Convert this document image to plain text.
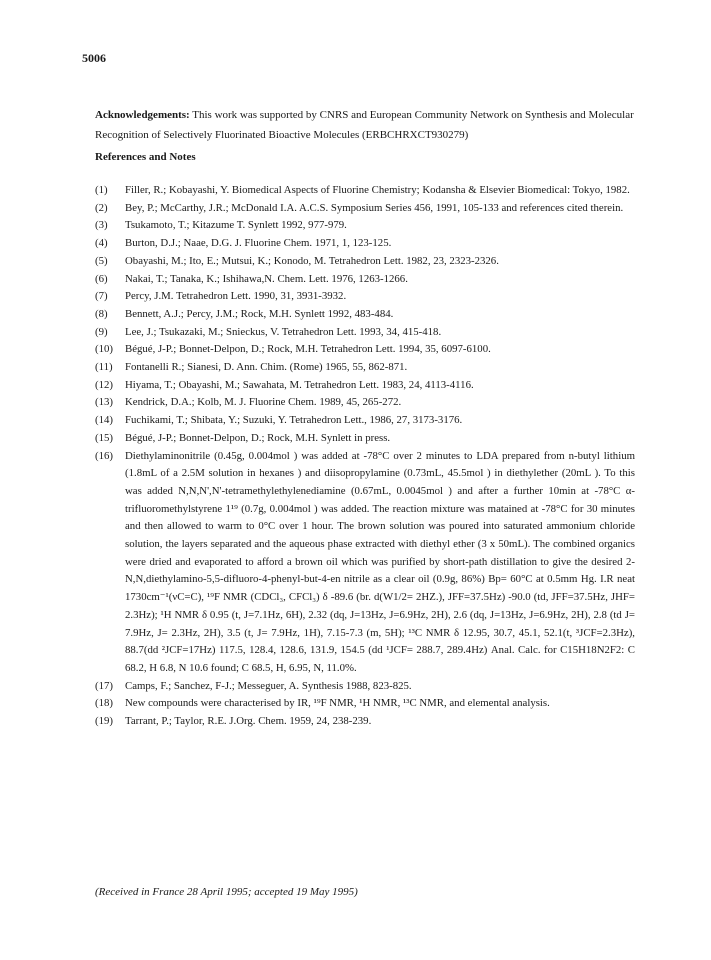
5006
Acknowledgements: This work was supported by CNRS and European Community Network on Synthesis and Molecular Recognition of Selectively Fluorinated Bioactive Molecules (ERBCHRXCT930279)
References and Notes
(1) Filler, R.; Kobayashi, Y. Biomedical Aspects of Fluorine Chemistry; Kodansha & Elsevier Biomedical: Tokyo, 1982.
(2) Bey, P.; McCarthy, J.R.; McDonald I.A. A.C.S. Symposium Series 456, 1991, 105-133 and references cited therein.
(3) Tsukamoto, T.; Kitazume T. Synlett 1992, 977-979.
(4) Burton, D.J.; Naae, D.G. J. Fluorine Chem. 1971, 1, 123-125.
(5) Obayashi, M.; Ito, E.; Mutsui, K.; Konodo, M. Tetrahedron Lett. 1982, 23, 2323-2326.
(6) Nakai, T.; Tanaka, K.; Ishihawa,N. Chem. Lett. 1976, 1263-1266.
(7) Percy, J.M. Tetrahedron Lett. 1990, 31, 3931-3932.
(8) Bennett, A.J.; Percy, J.M.; Rock, M.H. Synlett 1992, 483-484.
(9) Lee, J.; Tsukazaki, M.; Snieckus, V. Tetrahedron Lett. 1993, 34, 415-418.
(10) Bégué, J-P.; Bonnet-Delpon, D.; Rock, M.H. Tetrahedron Lett. 1994, 35, 6097-6100.
(11) Fontanelli R.; Sianesi, D. Ann. Chim. (Rome) 1965, 55, 862-871.
(12) Hiyama, T.; Obayashi, M.; Sawahata, M. Tetrahedron Lett. 1983, 24, 4113-4116.
(13) Kendrick, D.A.; Kolb, M. J. Fluorine Chem. 1989, 45, 265-272.
(14) Fuchikami, T.; Shibata, Y.; Suzuki, Y. Tetrahedron Lett., 1986, 27, 3173-3176.
(15) Bégué, J-P.; Bonnet-Delpon, D.; Rock, M.H. Synlett in press.
(16) Diethylaminonitrile (0.45g, 0.004mol ) was added at -78°C over 2 minutes to LDA prepared from n-butyl lithium (1.8mL of a 2.5M solution in hexanes ) and diisopropylamine (0.73mL, 45.5mol ) in diethylether (20mL ). To this was added N,N,N',N'-tetramethylethylenediamine (0.67mL, 0.0045mol ) and after a further 10min at -78°C α-trifluoromethylstyrene 1¹⁹ (0.7g, 0.004mol ) was added. The reaction mixture was matained at -78°C for 30 minutes and then allowed to warm to 0°C over 1 hour. The brown solution was poured into saturated ammonium chloride solution, the layers separated and the aqueous phase extracted with diethyl ether (3 x 50mL). The combined organics were dried and evaporated to afford a brown oil which was purified by short-path distillation to give the desired 2-N,N,diethylamino-5,5-difluoro-4-phenyl-but-4-en nitrile as a clear oil (0.9g, 86%) Bp= 60°C at 0.5mm Hg. I.R neat 1730cm⁻¹(νC=C), ¹⁹F NMR (CDCl₃, CFCl₃) δ -89.6 (br. d(W1/2= 2HZ.), JFF=37.5Hz) -90.0 (td, JFF=37.5Hz, JHF= 2.3Hz); ¹H NMR δ 0.95 (t, J=7.1Hz, 6H), 2.32 (dq, J=13Hz, J=6.9Hz, 2H), 2.6 (dq, J=13Hz, J=6.9Hz, 2H), 2.8 (td J= 7.9Hz, J= 2.3Hz, 2H), 3.5 (t, J= 7.9Hz, 1H), 7.15-7.3 (m, 5H); ¹³C NMR δ 12.95, 30.7, 45.1, 52.1(t, ³JCF=2.3Hz), 88.7(dd ²JCF=17Hz) 117.5, 128.4, 128.6, 131.9, 154.5 (dd ¹JCF= 288.7, 289.4Hz) Anal. Calc. for C15H18N2F2: C 68.2, H 6.8, N 10.6 found; C 68.5, H, 6.95, N, 11.0%.
(17) Camps, F.; Sanchez, F-J.; Messeguer, A. Synthesis 1988, 823-825.
(18) New compounds were characterised by IR, ¹⁹F NMR, ¹H NMR, ¹³C NMR, and elemental analysis.
(19) Tarrant, P.; Taylor, R.E. J.Org. Chem. 1959, 24, 238-239.
(Received in France 28 April 1995; accepted 19 May 1995)
